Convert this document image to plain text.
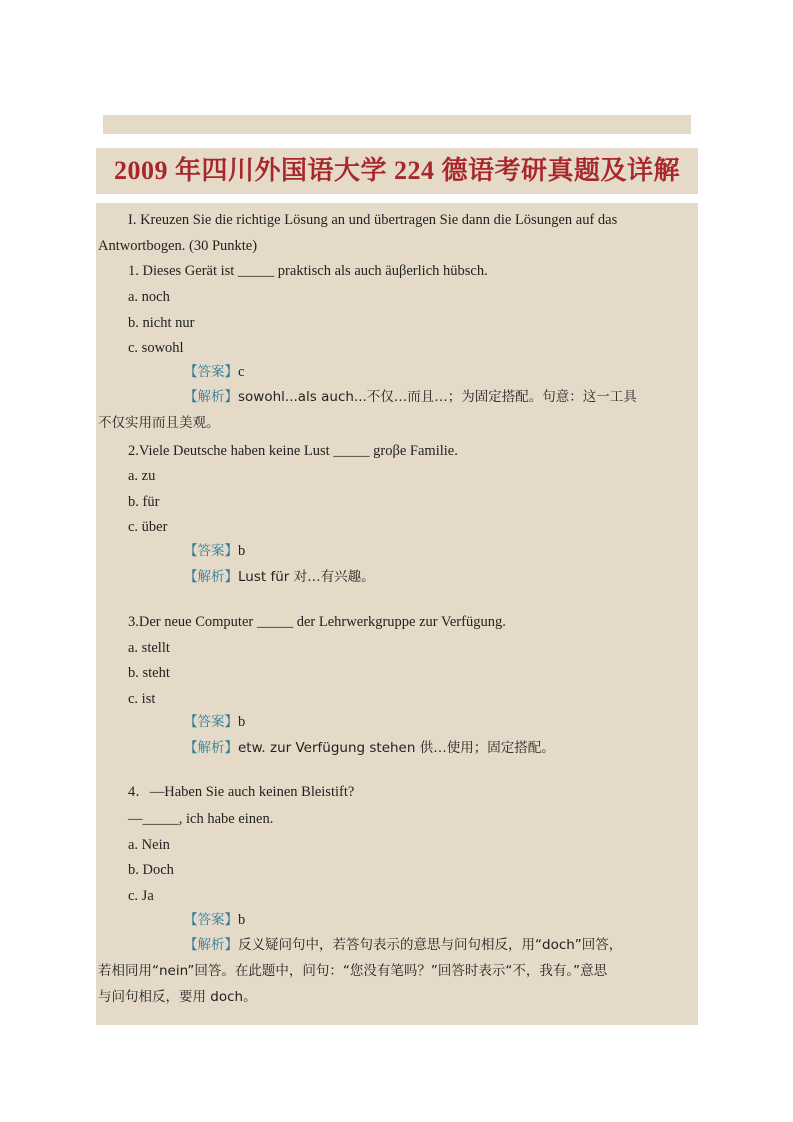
2009 年四川外国语大学 224 德语考研真题及详解
I. Kreuzen Sie die richtige Lösung an und übertragen Sie dann die Lösungen auf das
Antwortbogen. (30 Punkte)
1. Dieses Gerät ist _____ praktisch als auch äuβerlich hübsch.
a. noch
b. nicht nur
c. sowohl
【答案】c
【解析】sowohl...als auch...不仅…而且…；为固定搭配。句意：这一工具
不仅实用而且美观。
2.Viele Deutsche haben keine Lust _____ groβe Familie.
a. zu
b. für
c. über
【答案】b
【解析】Lust für 对…有兴趣。
3.Der neue Computer _____ der Lehrwerkgruppe zur Verfügung.
a. stellt
b. steht
c. ist
【答案】b
【解析】etw. zur Verfügung stehen 供…使用；固定搭配。
4．—Haben Sie auch keinen Bleistift?
—_____, ich habe einen.
a. Nein
b. Doch
c. Ja
【答案】b
【解析】反义疑问句中，若答句表示的意思与问句相反，用“doch”回答，
若相同用“nein”回答。在此题中，问句：“您没有笔吗？”回答时表示“不，我有。”意思
与问句相反，要用 doch。
